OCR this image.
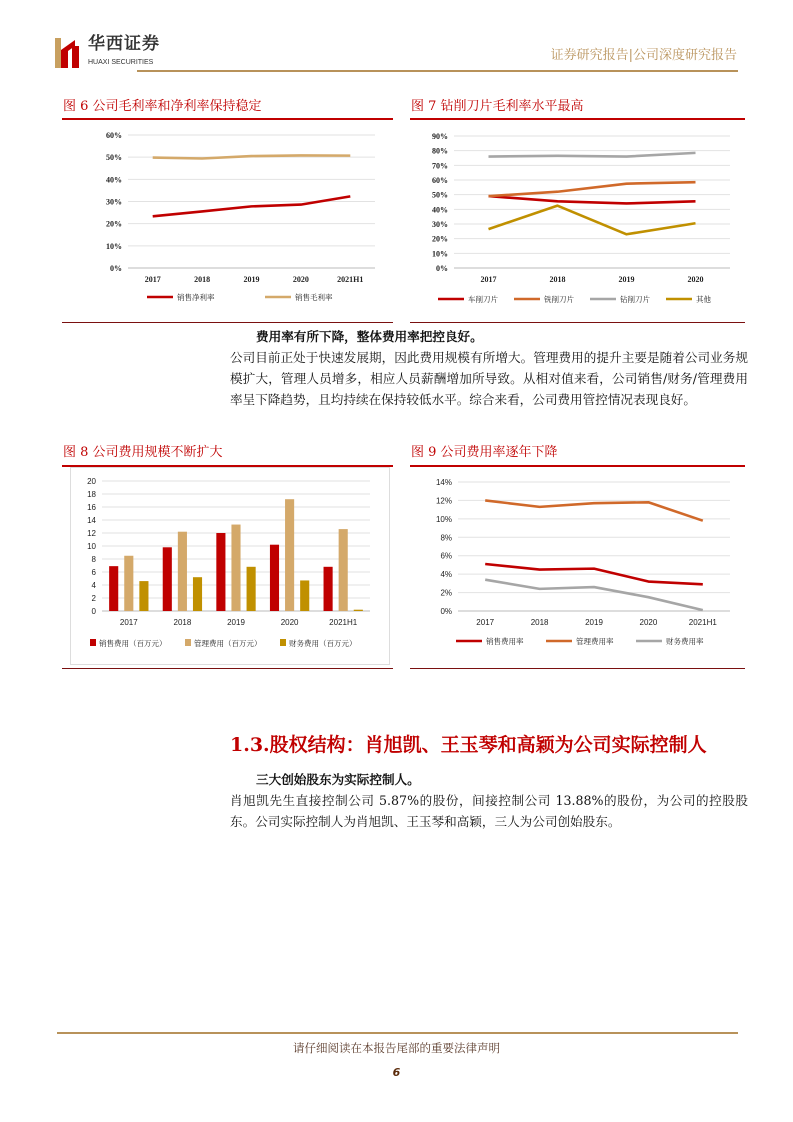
华西证券
HUAXI SECURITIES	证券研究报告|公司深度研究报告
图 6 公司毛利率和净利率保持稳定	图 7 钻削刀片毛利率水平最高
图 8 公司费用规模不断扩大	图 9 公司费用率逐年下降
0%
10%
20%
30%
40%
50%
60%
2017	2018	2019	2020	2021H1
销售净利率	销售毛利率
0%
10%
20%
30%
40%
50%
60%
70%
80%
90%
2017	2018	2019	2020
车削刀片	铣削刀片	钻削刀片	其他
0
2
4
6
8
10
12
14
16
18
20
2017	2018	2019	2020	2021H1
销售费用（百万元）	管理费用（百万元）	财务费用（百万元）
0%
2%
4%
6%
8%
10%
12%
14%
2017	2018	2019	2020	2021H1
销售费用率	管理费用率	财务费用率
费用率有所下降，整体费用率把控良好。
公司目前正处于快速发展期，因此费用规模有所增大。管理费用的提升主要是随着公司业务规模扩大，管理人员增多，相应人员薪酬增加所导致。从相对值来看，公司销售/财务/管理费用率呈下降趋势，且均持续在保持较低水平。综合来看，公司费用管控情况表现良好。
1.3.股权结构：肖旭凯、王玉琴和高颖为公司实际控制人
三大创始股东为实际控制人。
肖旭凯先生直接控制公司 5.87%的股份，间接控制公司 13.88%的股份，为公司的控股股东。公司实际控制人为肖旭凯、王玉琴和高颖，三人为公司创始股东。
请仔细阅读在本报告尾部的重要法律声明
6
